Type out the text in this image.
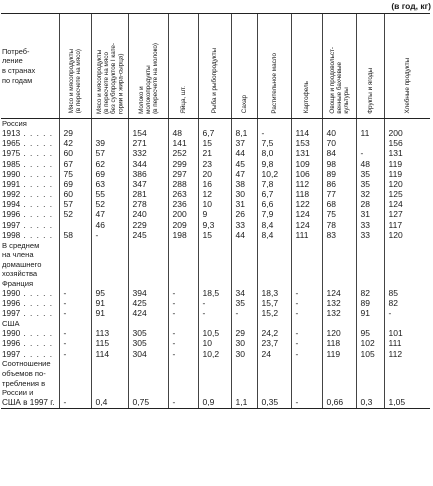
(в год, кг)
Потреб-
ление
в странах
по годам	Мясо и мясопродукты
(в пересчете на мясо)	Мясо и мясопродукты
(в пересчете на мясо
без субпродуктов I кате-
гории и жира-сырца)	Молоко и
молокопродукты
(в пересчете на молоко)	Яйца, шт.	Рыба и рыбопродукты	Сахар	Растительное масло	Картофель	Овощи и продовольст-
венные бахчевые
культуры	Фрукты и ягоды	Хлебные продукты
Россия											
1913 . . . . .	29		154	48	6,7	8,1	-	114	40	11	200
1965 . . . . .	42	39	271	141	15	37	7,5	153	70		156
1975 . . . . .	60	57	332	252	21	44	8,0	131	84	-	131
1985 . . . . .	67	62	344	299	23	45	9,8	109	98	48	119
1990 . . . . .	75	69	386	297	20	47	10,2	106	89	35	119
1991 . . . . .	69	63	347	288	16	38	7,8	112	86	35	120
1992 . . . . .	60	55	281	263	12	30	6,7	118	77	32	125
1994 . . . . .	57	52	278	236	10	31	6,6	122	68	28	124
1996 . . . . .	52	47	240	200	9	26	7,9	124	75	31	127
1997 . . . . .		46	229	209	9,3	33	8,4	124	78	33	117
1998 . . . . .	58	-	245	198	15	44	8,4	111	83	33	120
В среднем											
на члена											
домашнего											
хозяйства											
Франция											
1990 . . . . .	-	95	394	-	18,5	34	18,3	-	124	82	85
1996 . . . . .	-	91	425	-	-	35	15,7	-	132	89	82
1997 . . . . .	-	91	424	-	-	-	15,2	-	132	91	-
США											
1990 . . . . .	-	113	305	-	10,5	29	24,2	-	120	95	101
1996 . . . . .	-	115	305	-	10	30	23,7	-	118	102	111
1997 . . . . .	-	114	304	-	10,2	30	24	-	119	105	112
Соотношение											
объемов по-											
требления в											
России и											
США в 1997 г.	-	0,4	0,75	-	0,9	1,1	0,35	-	0,66	0,3	1,05
